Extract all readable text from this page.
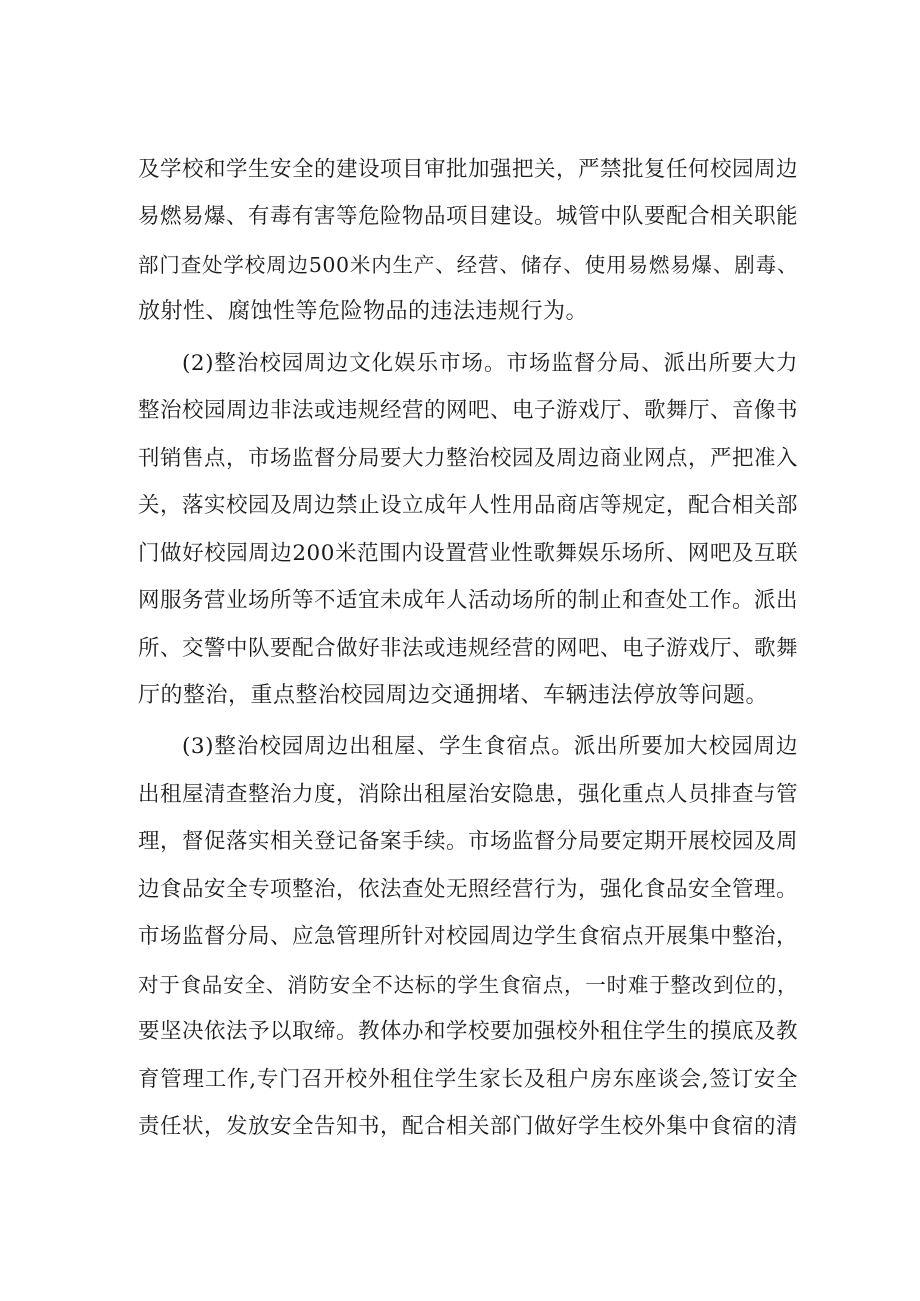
及学校和学生安全的建设项目审批加强把关，严禁批复任何校园周边
易燃易爆、有毒有害等危险物品项目建设。城管中队要配合相关职能
部门查处学校周边500米内生产、经营、储存、使用易燃易爆、剧毒、
放射性、腐蚀性等危险物品的违法违规行为。
(2)整治校园周边文化娱乐市场。市场监督分局、派出所要大力
整治校园周边非法或违规经营的网吧、电子游戏厅、歌舞厅、音像书
刊销售点，市场监督分局要大力整治校园及周边商业网点，严把准入
关，落实校园及周边禁止设立成年人性用品商店等规定，配合相关部
门做好校园周边200米范围内设置营业性歌舞娱乐场所、网吧及互联
网服务营业场所等不适宜未成年人活动场所的制止和查处工作。派出
所、交警中队要配合做好非法或违规经营的网吧、电子游戏厅、歌舞
厅的整治，重点整治校园周边交通拥堵、车辆违法停放等问题。
(3)整治校园周边出租屋、学生食宿点。派出所要加大校园周边
出租屋清查整治力度，消除出租屋治安隐患，强化重点人员排查与管
理，督促落实相关登记备案手续。市场监督分局要定期开展校园及周
边食品安全专项整治，依法查处无照经营行为，强化食品安全管理。
市场监督分局、应急管理所针对校园周边学生食宿点开展集中整治，
对于食品安全、消防安全不达标的学生食宿点，一时难于整改到位的，
要坚决依法予以取缔。教体办和学校要加强校外租住学生的摸底及教
育管理工作,专门召开校外租住学生家长及租户房东座谈会,签订安全
责任状，发放安全告知书，配合相关部门做好学生校外集中食宿的清
